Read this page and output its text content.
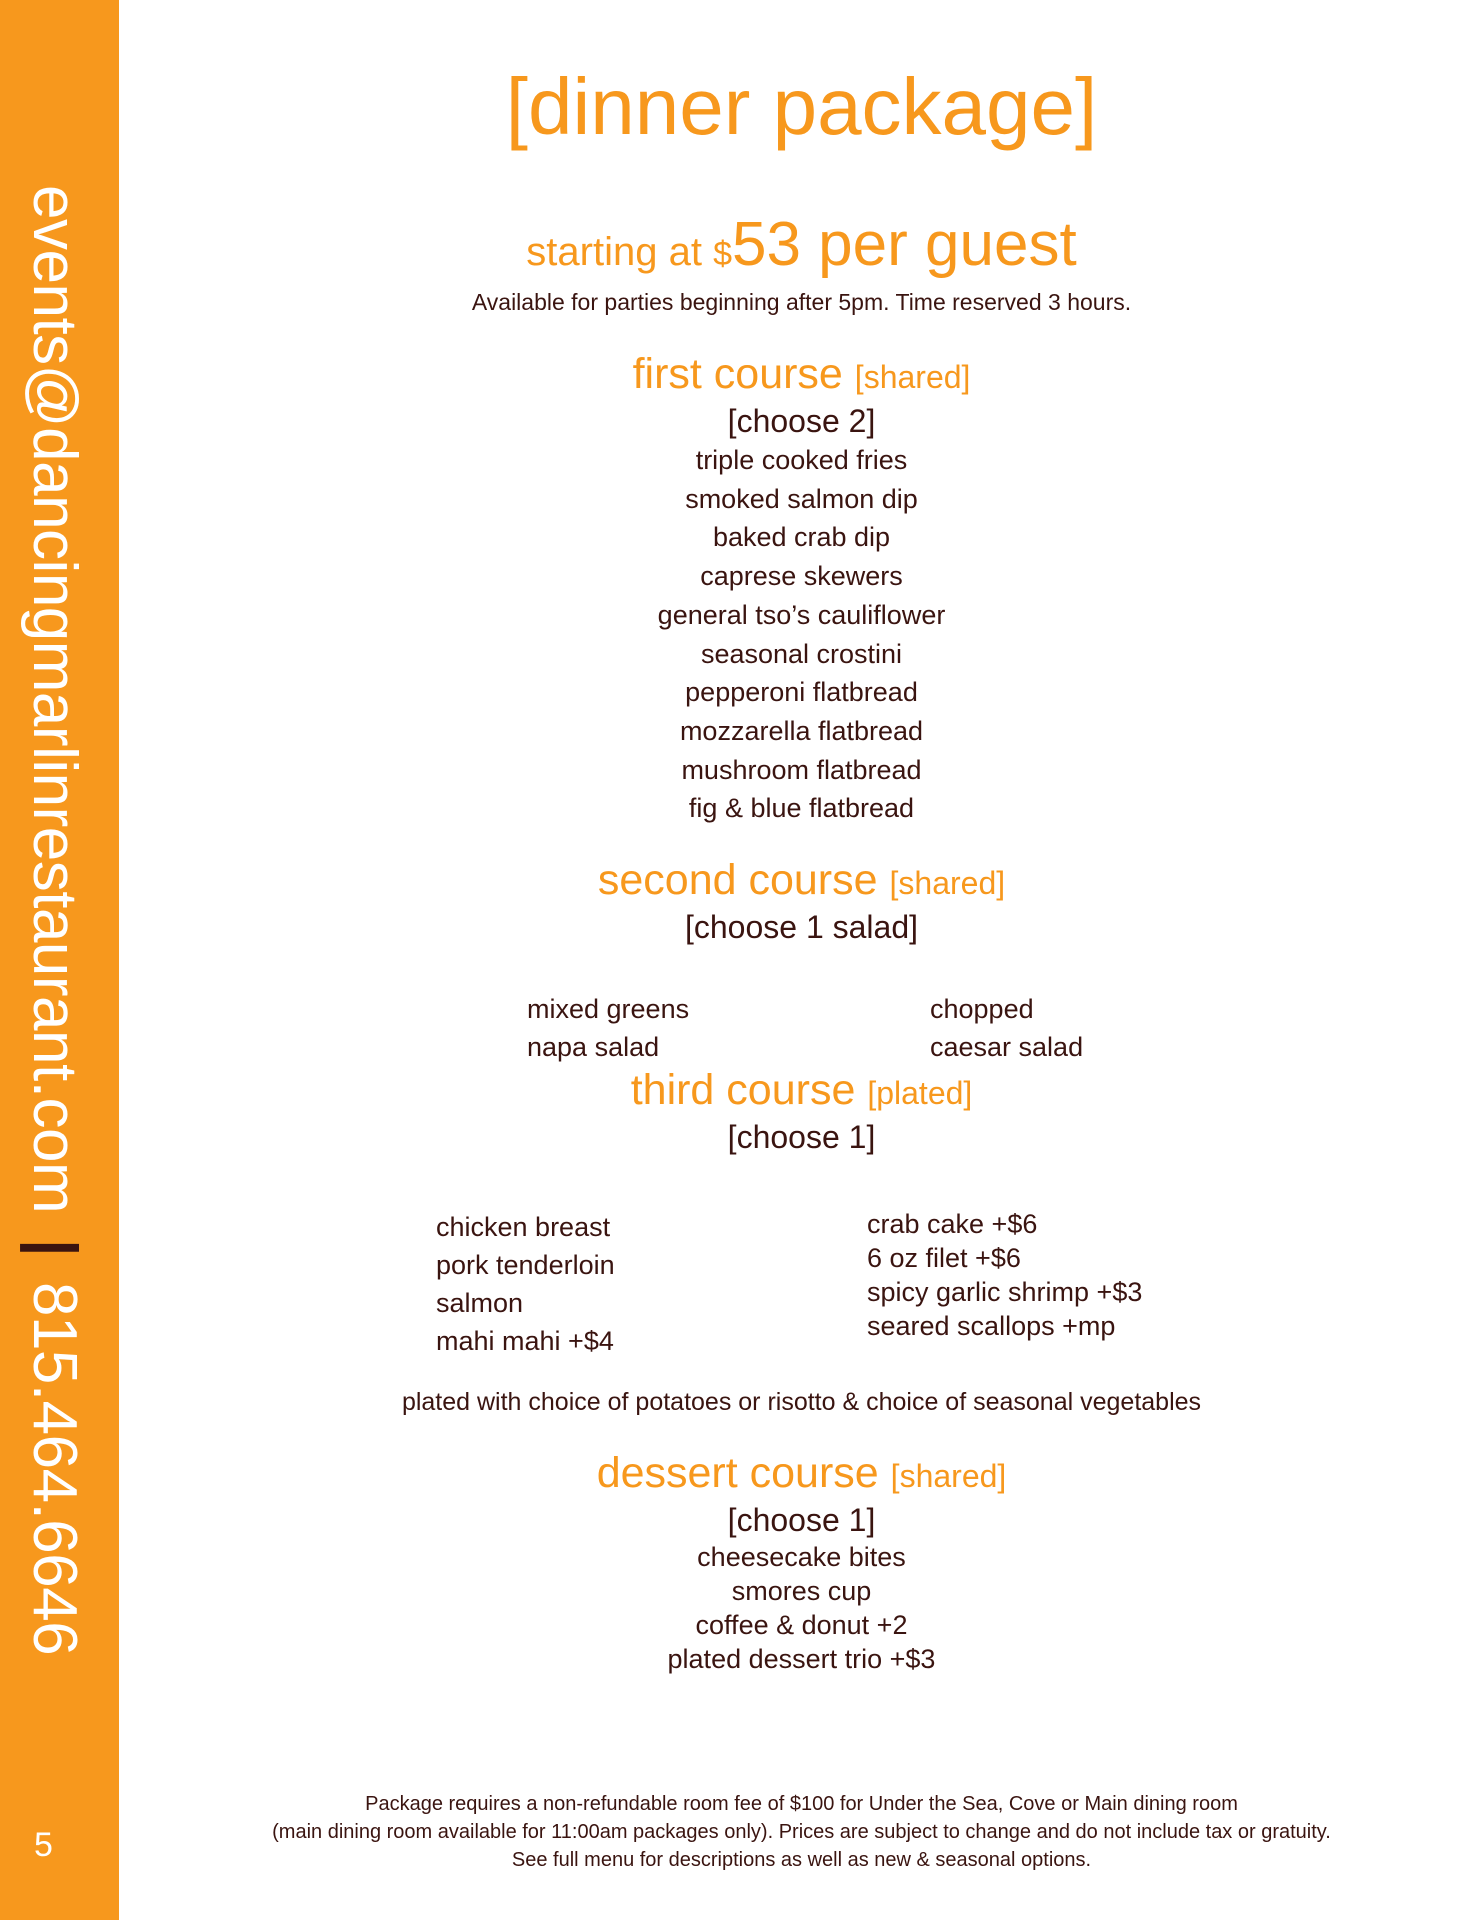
events@dancingmarlinrestaurant.com|815.464.6646
5
[dinner package]
starting at $53 per guest
Available for parties beginning after 5pm. Time reserved 3 hours.
first course [shared]
[choose 2]
triple cooked fries
smoked salmon dip
baked crab dip
caprese skewers
general tso’s cauliflower
seasonal crostini
pepperoni flatbread
mozzarella flatbread
mushroom flatbread
fig & blue flatbread
second course [shared]
[choose 1 salad]
mixed greens
napa salad
chopped
caesar salad
third course [plated]
[choose 1]
chicken breast
pork tenderloin
salmon
mahi mahi +$4
crab cake +$6
6 oz filet +$6
spicy garlic shrimp +$3
seared scallops +mp
plated with choice of potatoes or risotto & choice of seasonal vegetables
dessert course [shared]
[choose 1]
cheesecake bites
smores cup
coffee & donut +2
plated dessert trio +$3
Package requires a non-refundable room fee of $100 for Under the Sea, Cove or Main dining room
(main dining room available for 11:00am packages only). Prices are subject to change and do not include tax or gratuity.
See full menu for descriptions as well as new & seasonal options.
